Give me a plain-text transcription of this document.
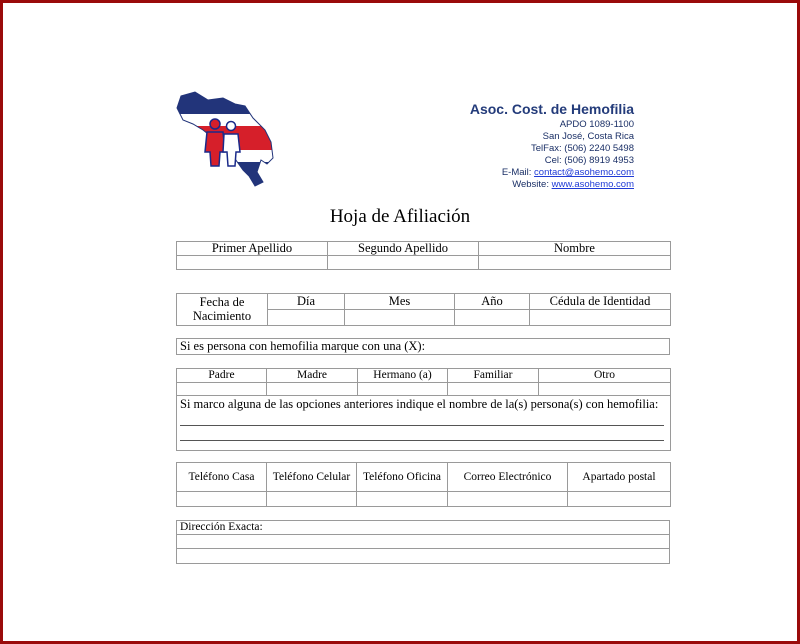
Asoc. Cost. de Hemofilia
APDO 1089-1100
San José, Costa Rica
TelFax: (506) 2240 5498
Cel: (506) 8919 4953
E-Mail: contact@asohemo.com
Website: www.asohemo.com
Hoja de Afiliación
Primer Apellido	Segundo Apellido	Nombre

Fecha de Nacimiento	Día	Mes	Año	Cédula de Identidad

Si es persona con hemofilia marque con una (X):
Padre	Madre	Hermano (a)	Familiar	Otro

Si marco alguna de las opciones anteriores indique el nombre de la(s) persona(s) con hemofilia:				
Teléfono Casa	Teléfono Celular	Teléfono Oficina	Correo Electrónico	Apartado postal

Dirección Exacta:
